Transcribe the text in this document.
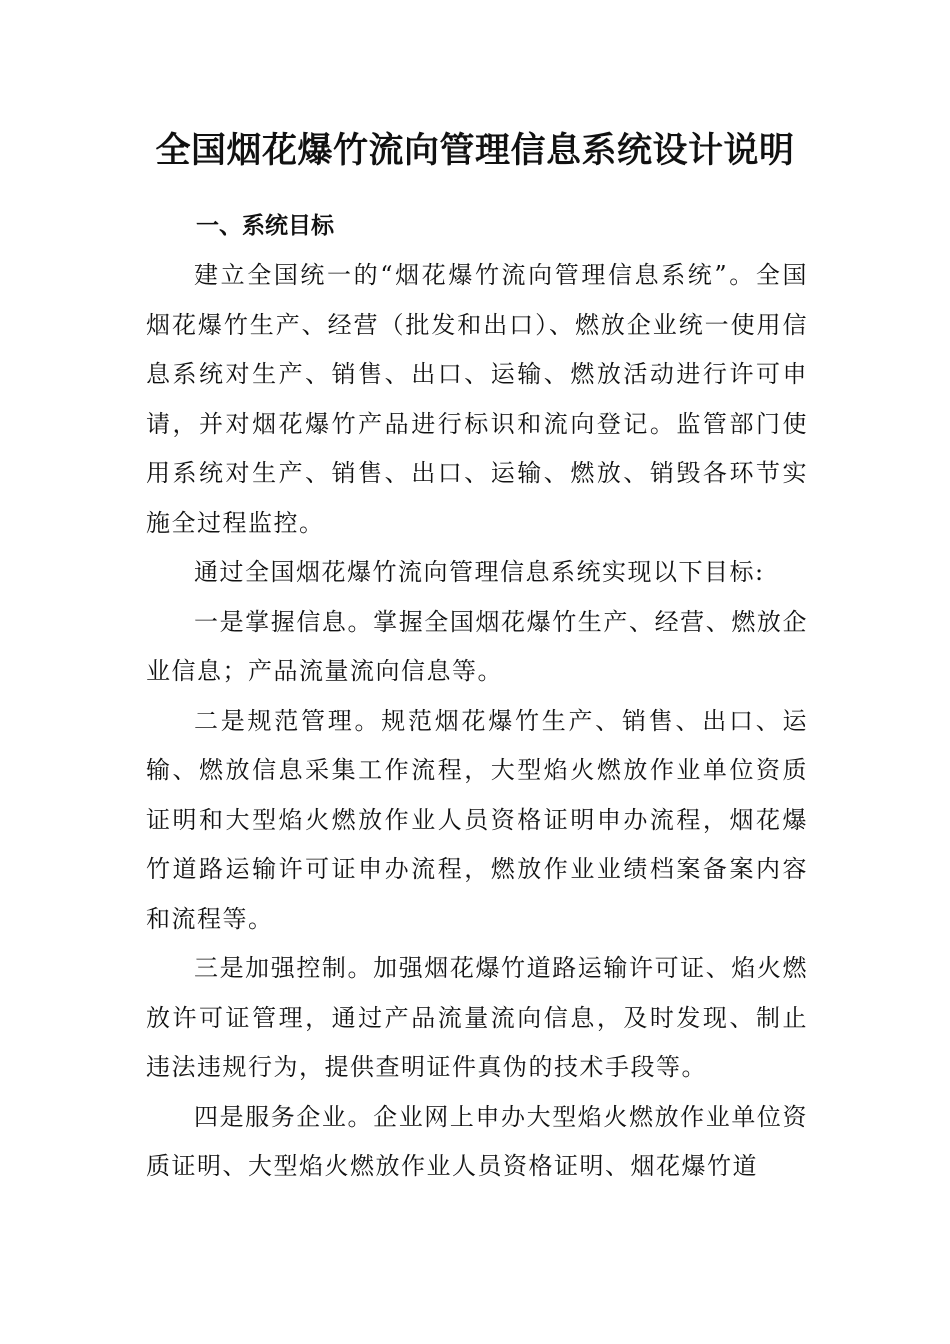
全国烟花爆竹流向管理信息系统设计说明
一、系统目标

建立全国统一的“烟花爆竹流向管理信息系统”。全国烟花爆竹生产、经营（批发和出口）、燃放企业统一使用信息系统对生产、销售、出口、运输、燃放活动进行许可申请，并对烟花爆竹产品进行标识和流向登记。监管部门使用系统对生产、销售、出口、运输、燃放、销毁各环节实施全过程监控。

通过全国烟花爆竹流向管理信息系统实现以下目标:

一是掌握信息。掌握全国烟花爆竹生产、经营、燃放企业信息；产品流量流向信息等。

二是规范管理。规范烟花爆竹生产、销售、出口、运输、燃放信息采集工作流程，大型焰火燃放作业单位资质证明和大型焰火燃放作业人员资格证明申办流程，烟花爆竹道路运输许可证申办流程，燃放作业业绩档案备案内容和流程等。

三是加强控制。加强烟花爆竹道路运输许可证、焰火燃放许可证管理，通过产品流量流向信息，及时发现、制止违法违规行为，提供查明证件真伪的技术手段等。

四是服务企业。企业网上申办大型焰火燃放作业单位资质证明、大型焰火燃放作业人员资格证明、烟花爆竹道
